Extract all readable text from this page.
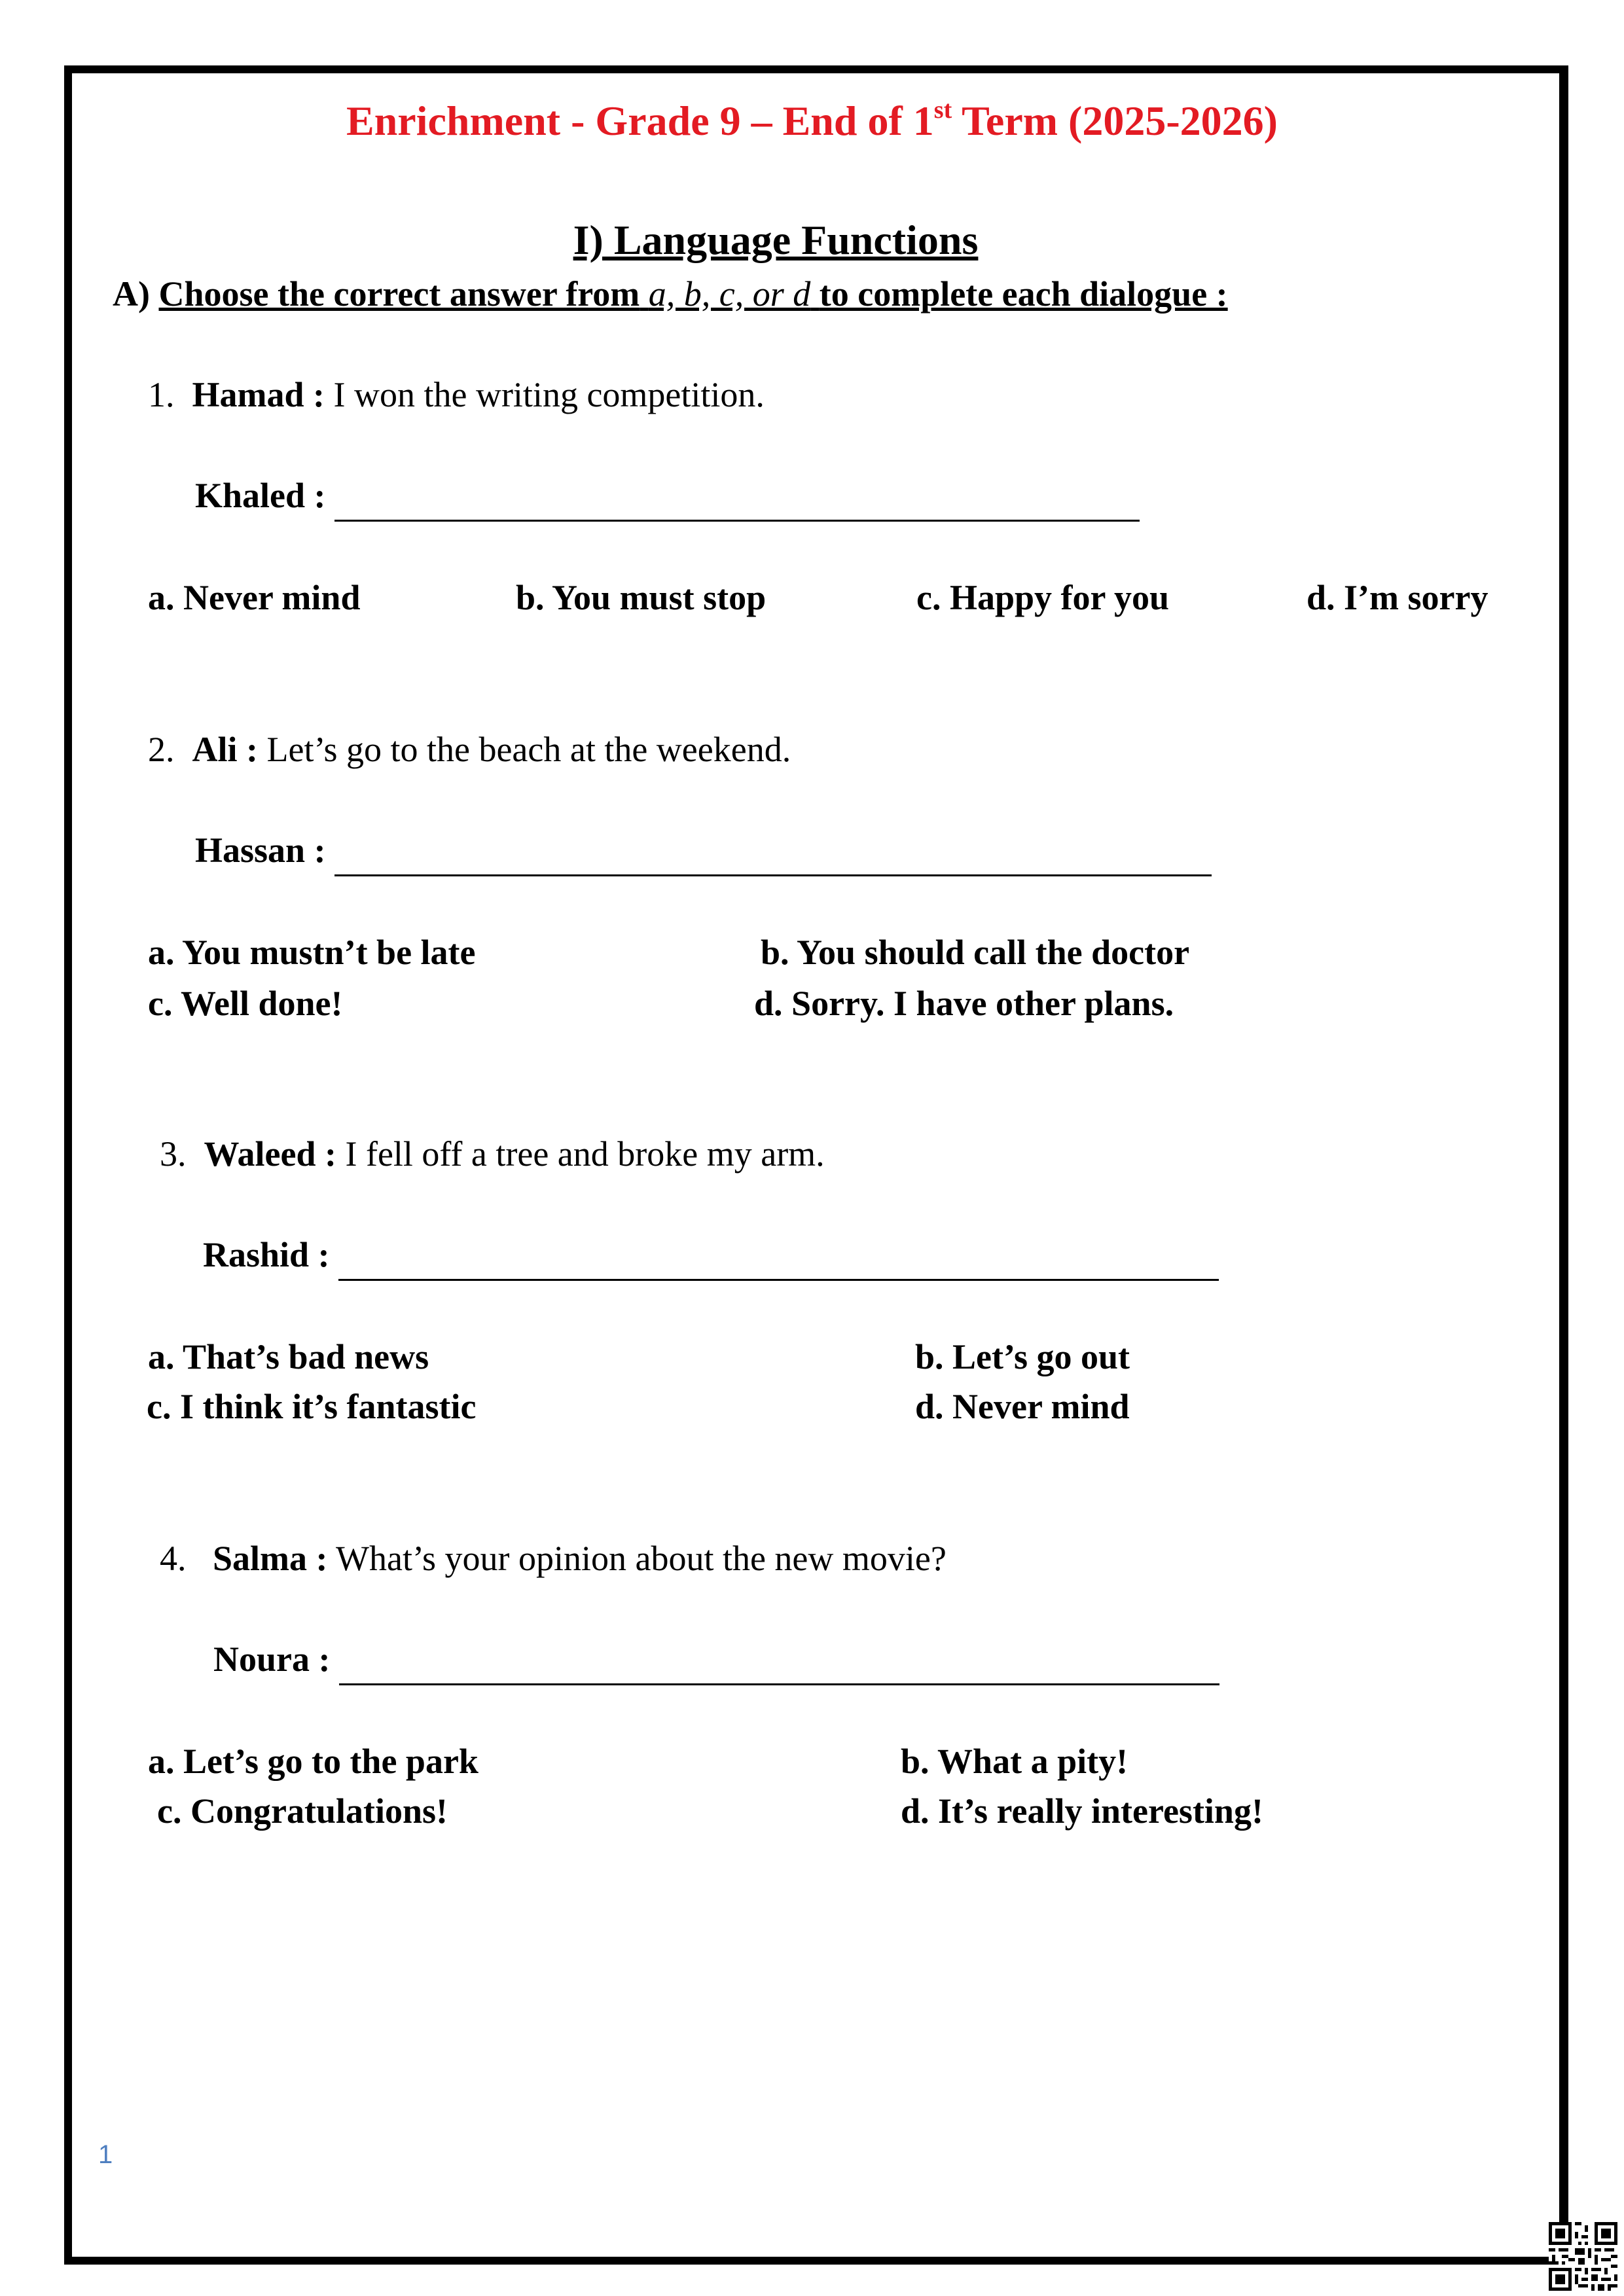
Enrichment - Grade 9 – End of 1st Term (2025-2026)
I) Language Functions
A) Choose the correct answer from a, b, c, or d to complete each dialogue :
1. Hamad : I won the writing competition.
Khaled :
a. Never mind	b. You must stop	c. Happy for you	d. I’m sorry
2. Ali : Let’s go to the beach at the weekend.
Hassan :
a. You mustn’t be late	b. You should call the doctor
c. Well done!	d. Sorry. I have other plans.
3. Waleed : I fell off a tree and broke my arm.
Rashid :
a. That’s bad news	b. Let’s go out
c. I think it’s fantastic	d. Never mind
4. Salma : What’s your opinion about the new movie?
Noura :
a. Let’s go to the park	b. What a pity!
c. Congratulations!	d. It’s really interesting!
1
